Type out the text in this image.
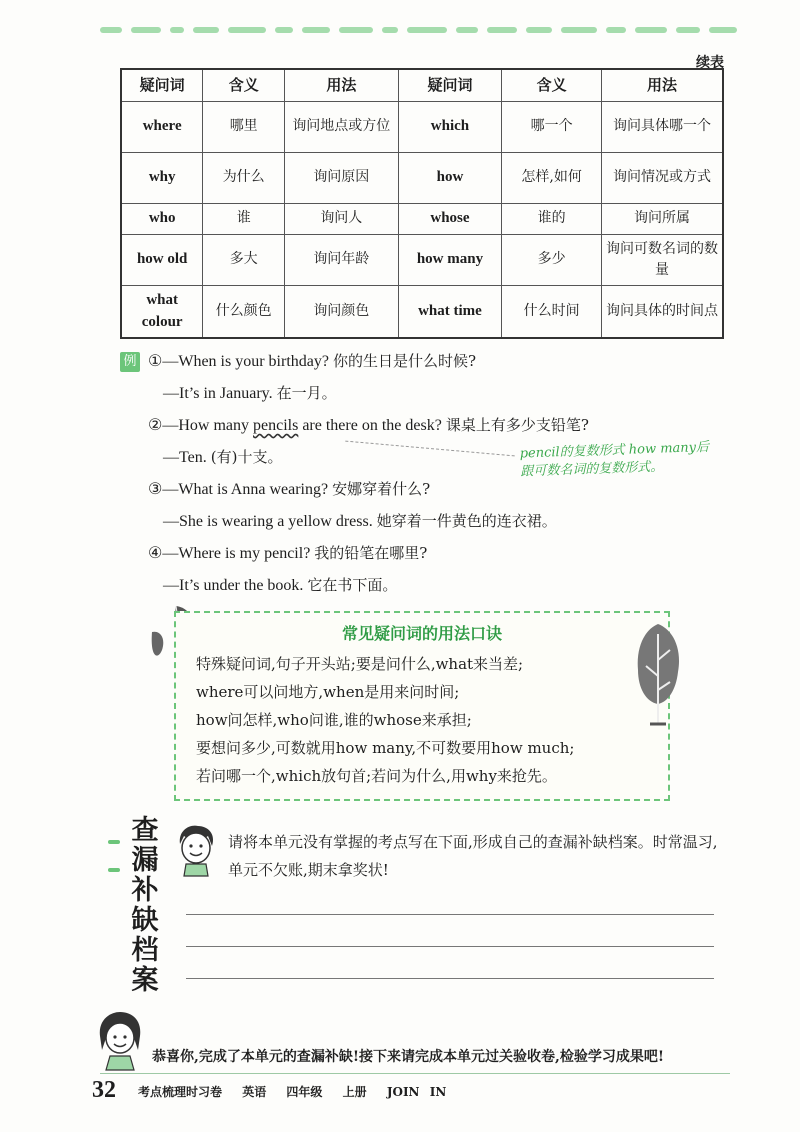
续表
疑问词	含义	用法	疑问词	含义	用法
where	哪里	询问地点或方位	which	哪一个	询问具体哪一个
why	为什么	询问原因	how	怎样,如何	询问情况或方式
who	谁	询问人	whose	谁的	询问所属
how old	多大	询问年龄	how many	多少	询问可数名词的数量
what colour	什么颜色	询问颜色	what time	什么时间	询问具体的时间点
例 ①—When is your birthday? 你的生日是什么时候?
—It’s in January. 在一月。
②—How many pencils are there on the desk? 课桌上有多少支铅笔?
—Ten. (有)十支。
③—What is Anna wearing? 安娜穿着什么?
—She is wearing a yellow dress. 她穿着一件黄色的连衣裙。
④—Where is my pencil? 我的铅笔在哪里?
—It’s under the book. 它在书下面。
pencil的复数形式 how many后跟可数名词的复数形式。
常见疑问词的用法口诀
特殊疑问词,句子开头站;要是问什么,what来当差;
where可以问地方,when是用来问时间;
how问怎样,who问谁,谁的whose来承担;
要想问多少,可数就用how many,不可数要用how much;
若问哪一个,which放句首;若问为什么,用why来抢先。
查
漏
补
缺
档
案
请将本单元没有掌握的考点写在下面,形成自己的查漏补缺档案。时常温习,单元不欠账,期末拿奖状!
恭喜你,完成了本单元的查漏补缺!接下来请完成本单元过关验收卷,检验学习成果吧!
32 考点梳理时习卷 英语 四年级 上册 JOIN IN
